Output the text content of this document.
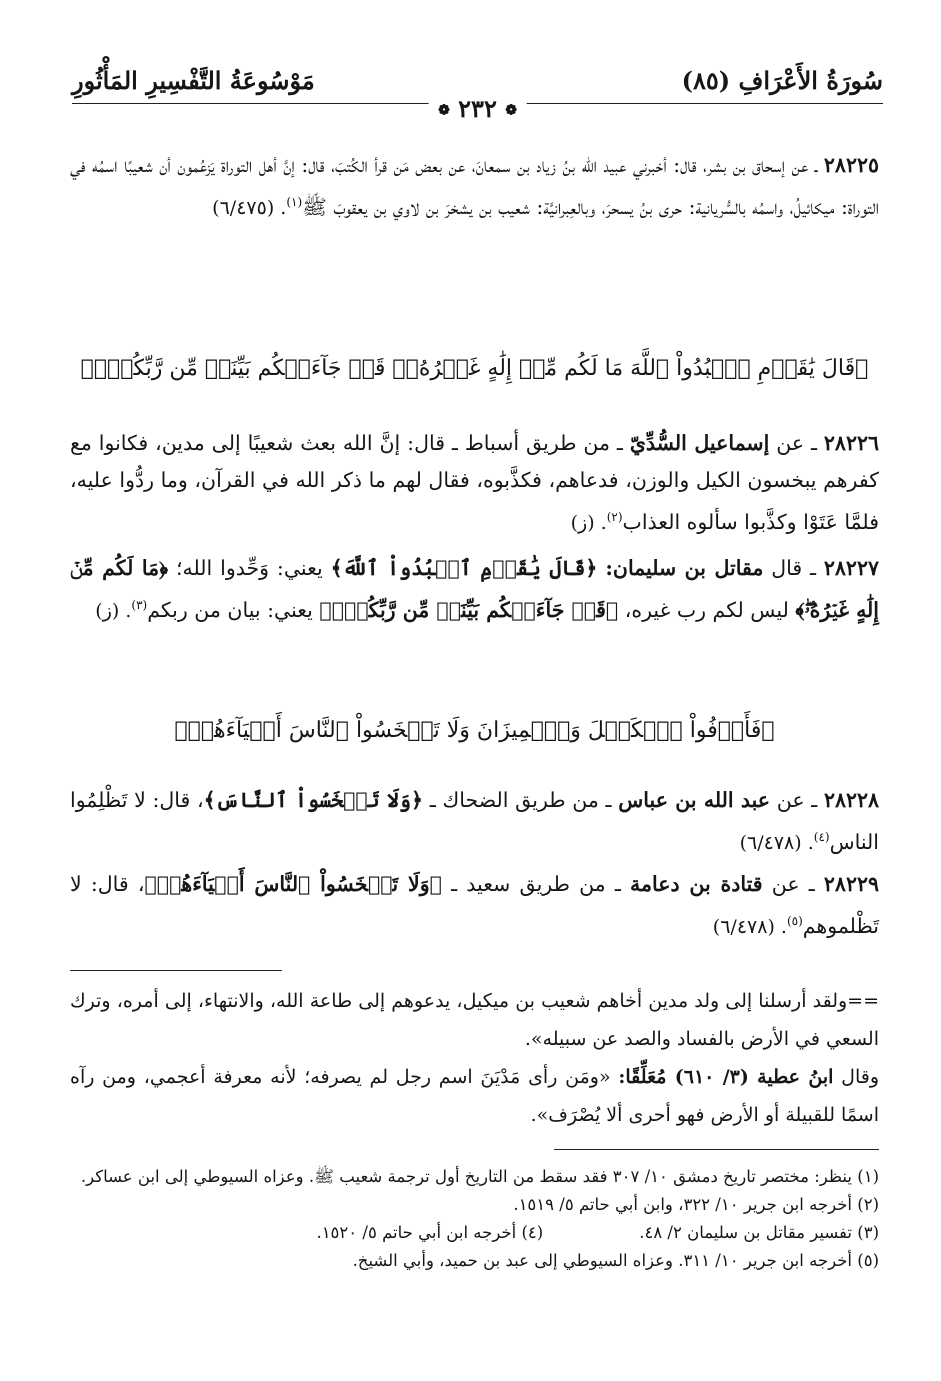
سُورَةُ الأَعْرَافِ (٨٥)
مَوْسُوعَةُ التَّفْسِيرِ المَأْثُورِ
❁ ٢٣٢ ❁

٢٨٢٢٥ ـ عن إسحاق بن بشر، قال: أخبرني عبيد الله بنُ زياد بن سمعانَ، عن بعض مَن قرأ الكُتبَ، قال: إنَّ أهل التوراة يَزعُمون أن شعيبًا اسمُه في التوراة: ميكائيلُ، واسمُه بالسُّريانية: حرى بنُ يسحرَ، وبالعِبرانيَّة: شعيب بن يشخرَ بن لاوي بن يعقوبَ ﷺ$^{(١)}$. (٦/٤٧٥)

﴿قَالَ يَٰقَوۡمِ ٱعۡبُدُواْ ٱللَّهَ مَا لَكُم مِّنۡ إِلَٰهٍ غَيۡرُهُۥۖ قَدۡ جَآءَتۡكُم بَيِّنَةٞ مِّن رَّبِّكُمۡۖ﴾

٢٨٢٢٦ ـ عن إسماعيل السُّدِّيّ ـ من طريق أسباط ـ قال: إنَّ الله بعث شعيبًا إلى مدين، فكانوا مع كفرهم يبخسون الكيل والوزن، فدعاهم، فكذَّبوه، فقال لهم ما ذكر الله في القرآن، وما ردُّوا عليه، فلمَّا عَتَوْا وكذَّبوا سألوه العذاب$^{(٢)}$. (ز)

٢٨٢٢٧ ـ قال مقاتل بن سليمان: ﴿قَالَ يَٰقَوۡمِ ٱعۡبُدُواْ ٱللَّهَ﴾ يعني: وَحِّدوا الله؛ ﴿مَا لَكُم مِّنۡ إِلَٰهٍ غَيۡرُهُۥۖ﴾ ليس لكم رب غيره، ﴿قَدۡ جَآءَتۡكُم بَيِّنَةٞ مِّن رَّبِّكُمۡۖ﴾ يعني: بيان من ربكم$^{(٣)}$. (ز)

﴿فَأَوۡفُواْ ٱلۡكَيۡلَ وَٱلۡمِيزَانَ وَلَا تَبۡخَسُواْ ٱلنَّاسَ أَشۡيَآءَهُمۡ﴾

٢٨٢٢٨ ـ عن عبد الله بن عباس ـ من طريق الضحاك ـ ﴿وَلَا تَبۡخَسُواْ ٱلنَّاسَ﴾، قال: لا تَظْلِمُوا الناس$^{(٤)}$. (٦/٤٧٨)

٢٨٢٢٩ ـ عن قتادة بن دعامة ـ من طريق سعيد ـ ﴿وَلَا تَبۡخَسُواْ ٱلنَّاسَ أَشۡيَآءَهُمۡ﴾، قال: لا تَظْلموهم$^{(٥)}$. (٦/٤٧٨)

==ولقد أرسلنا إلى ولد مدين أخاهم شعيب بن ميكيل، يدعوهم إلى طاعة الله، والانتهاء، إلى أمره، وترك السعي في الأرض بالفساد والصد عن سبيله».

وقال ابنُ عطية (٣/ ٦١٠) مُعَلِّقًا: «ومَن رأى مَدْيَنَ اسم رجل لم يصرفه؛ لأنه معرفة أعجمي، ومن رآه اسمًا للقبيلة أو الأرض فهو أحرى ألا يُصْرَف».

(١) ينظر: مختصر تاريخ دمشق ١٠/ ٣٠٧ فقد سقط من التاريخ أول ترجمة شعيب ﷺ. وعزاه السيوطي إلى ابن عساكر.

(٢) أخرجه ابن جرير ١٠/ ٣٢٢، وابن أبي حاتم ٥/ ١٥١٩.

(٣) تفسير مقاتل بن سليمان ٢/ ٤٨.

(٤) أخرجه ابن أبي حاتم ٥/ ١٥٢٠.

(٥) أخرجه ابن جرير ١٠/ ٣١١. وعزاه السيوطي إلى عبد بن حميد، وأبي الشيخ.
